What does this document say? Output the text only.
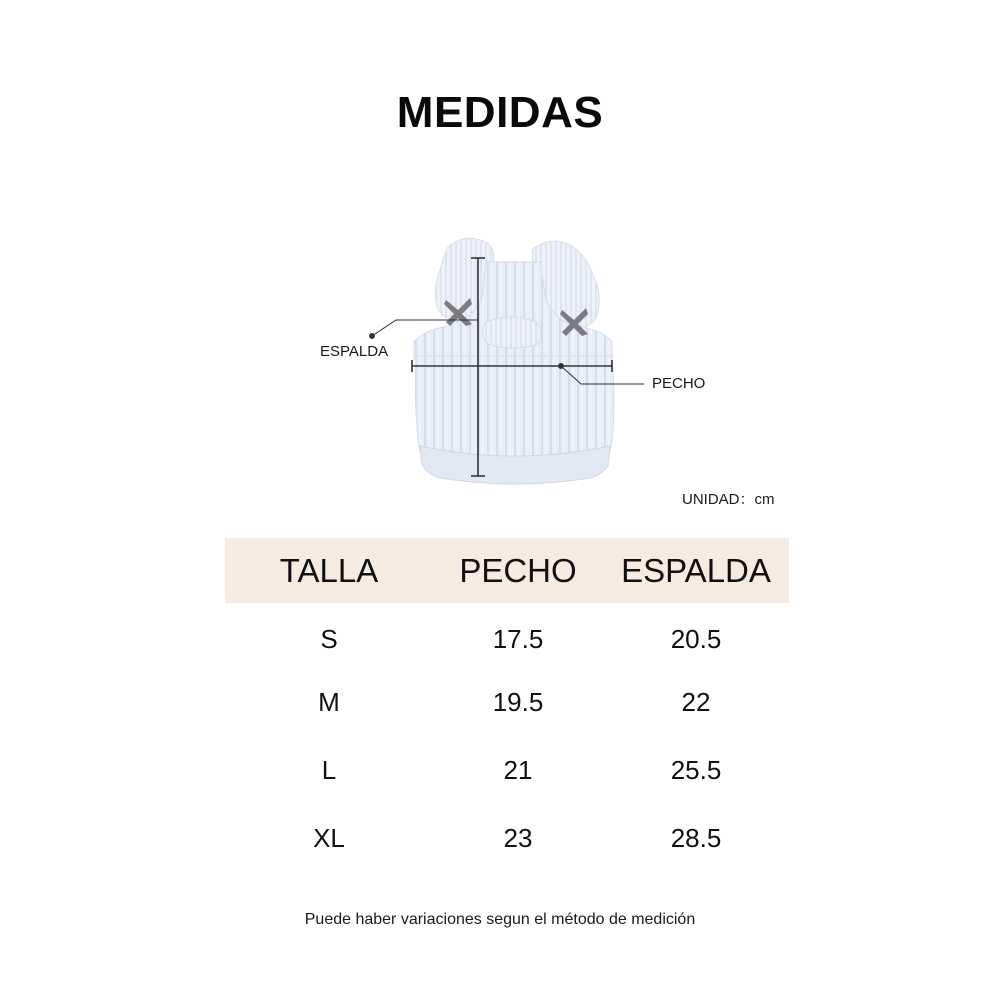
MEDIDAS
ESPALDA
PECHO
UNIDAD：cm
TALLA	PECHO	ESPALDA
S	17.5	20.5
M	19.5	22
L	21	25.5
XL	23	28.5
Puede haber variaciones segun el método de medición
